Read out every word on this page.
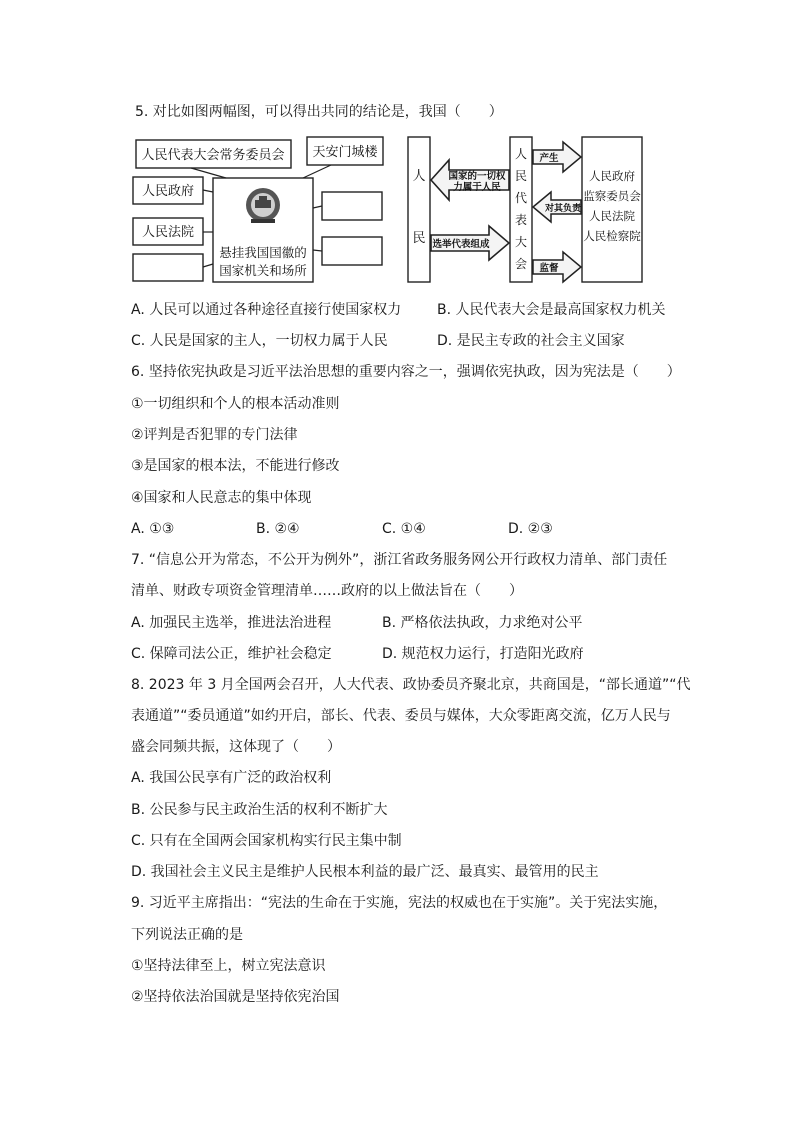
5. 对比如图两幅图，可以得出共同的结论是，我国（　　）
人民代表大会常务委员会 天安门城楼
人民政府
人民法院
悬挂我国国徽的
国家机关和场所
人
民
国家的一切权
力属于人民
选举代表组成
人
民
代
表
大
会
产生
对其负责
监督
人民政府
监察委员会
人民法院
人民检察院
A. 人民可以通过各种途径直接行使国家权力	B. 人民代表大会是最高国家权力机关
C. 人民是国家的主人，一切权力属于人民	D. 是民主专政的社会主义国家
6. 坚持依宪执政是习近平法治思想的重要内容之一，强调依宪执政，因为宪法是（　　）
①一切组织和个人的根本活动准则
②评判是否犯罪的专门法律
③是国家的根本法，不能进行修改
④国家和人民意志的集中体现
A. ①③	B. ②④	C. ①④	D. ②③
7. “信息公开为常态，不公开为例外”，浙江省政务服务网公开行政权力清单、部门责任
清单、财政专项资金管理清单……政府的以上做法旨在（　　）
A. 加强民主选举，推进法治进程	B. 严格依法执政，力求绝对公平
C. 保障司法公正，维护社会稳定	D. 规范权力运行，打造阳光政府
8. 2023 年 3 月全国两会召开，人大代表、政协委员齐聚北京，共商国是，“部长通道”“代
表通道”“委员通道”如约开启，部长、代表、委员与媒体，大众零距离交流，亿万人民与
盛会同频共振，这体现了（　　）
A. 我国公民享有广泛的政治权利
B. 公民参与民主政治生活的权利不断扩大
C. 只有在全国两会国家机构实行民主集中制
D. 我国社会主义民主是维护人民根本利益的最广泛、最真实、最管用的民主
9. 习近平主席指出：“宪法的生命在于实施，宪法的权威也在于实施”。关于宪法实施，
下列说法正确的是
①坚持法律至上，树立宪法意识
②坚持依法治国就是坚持依宪治国
